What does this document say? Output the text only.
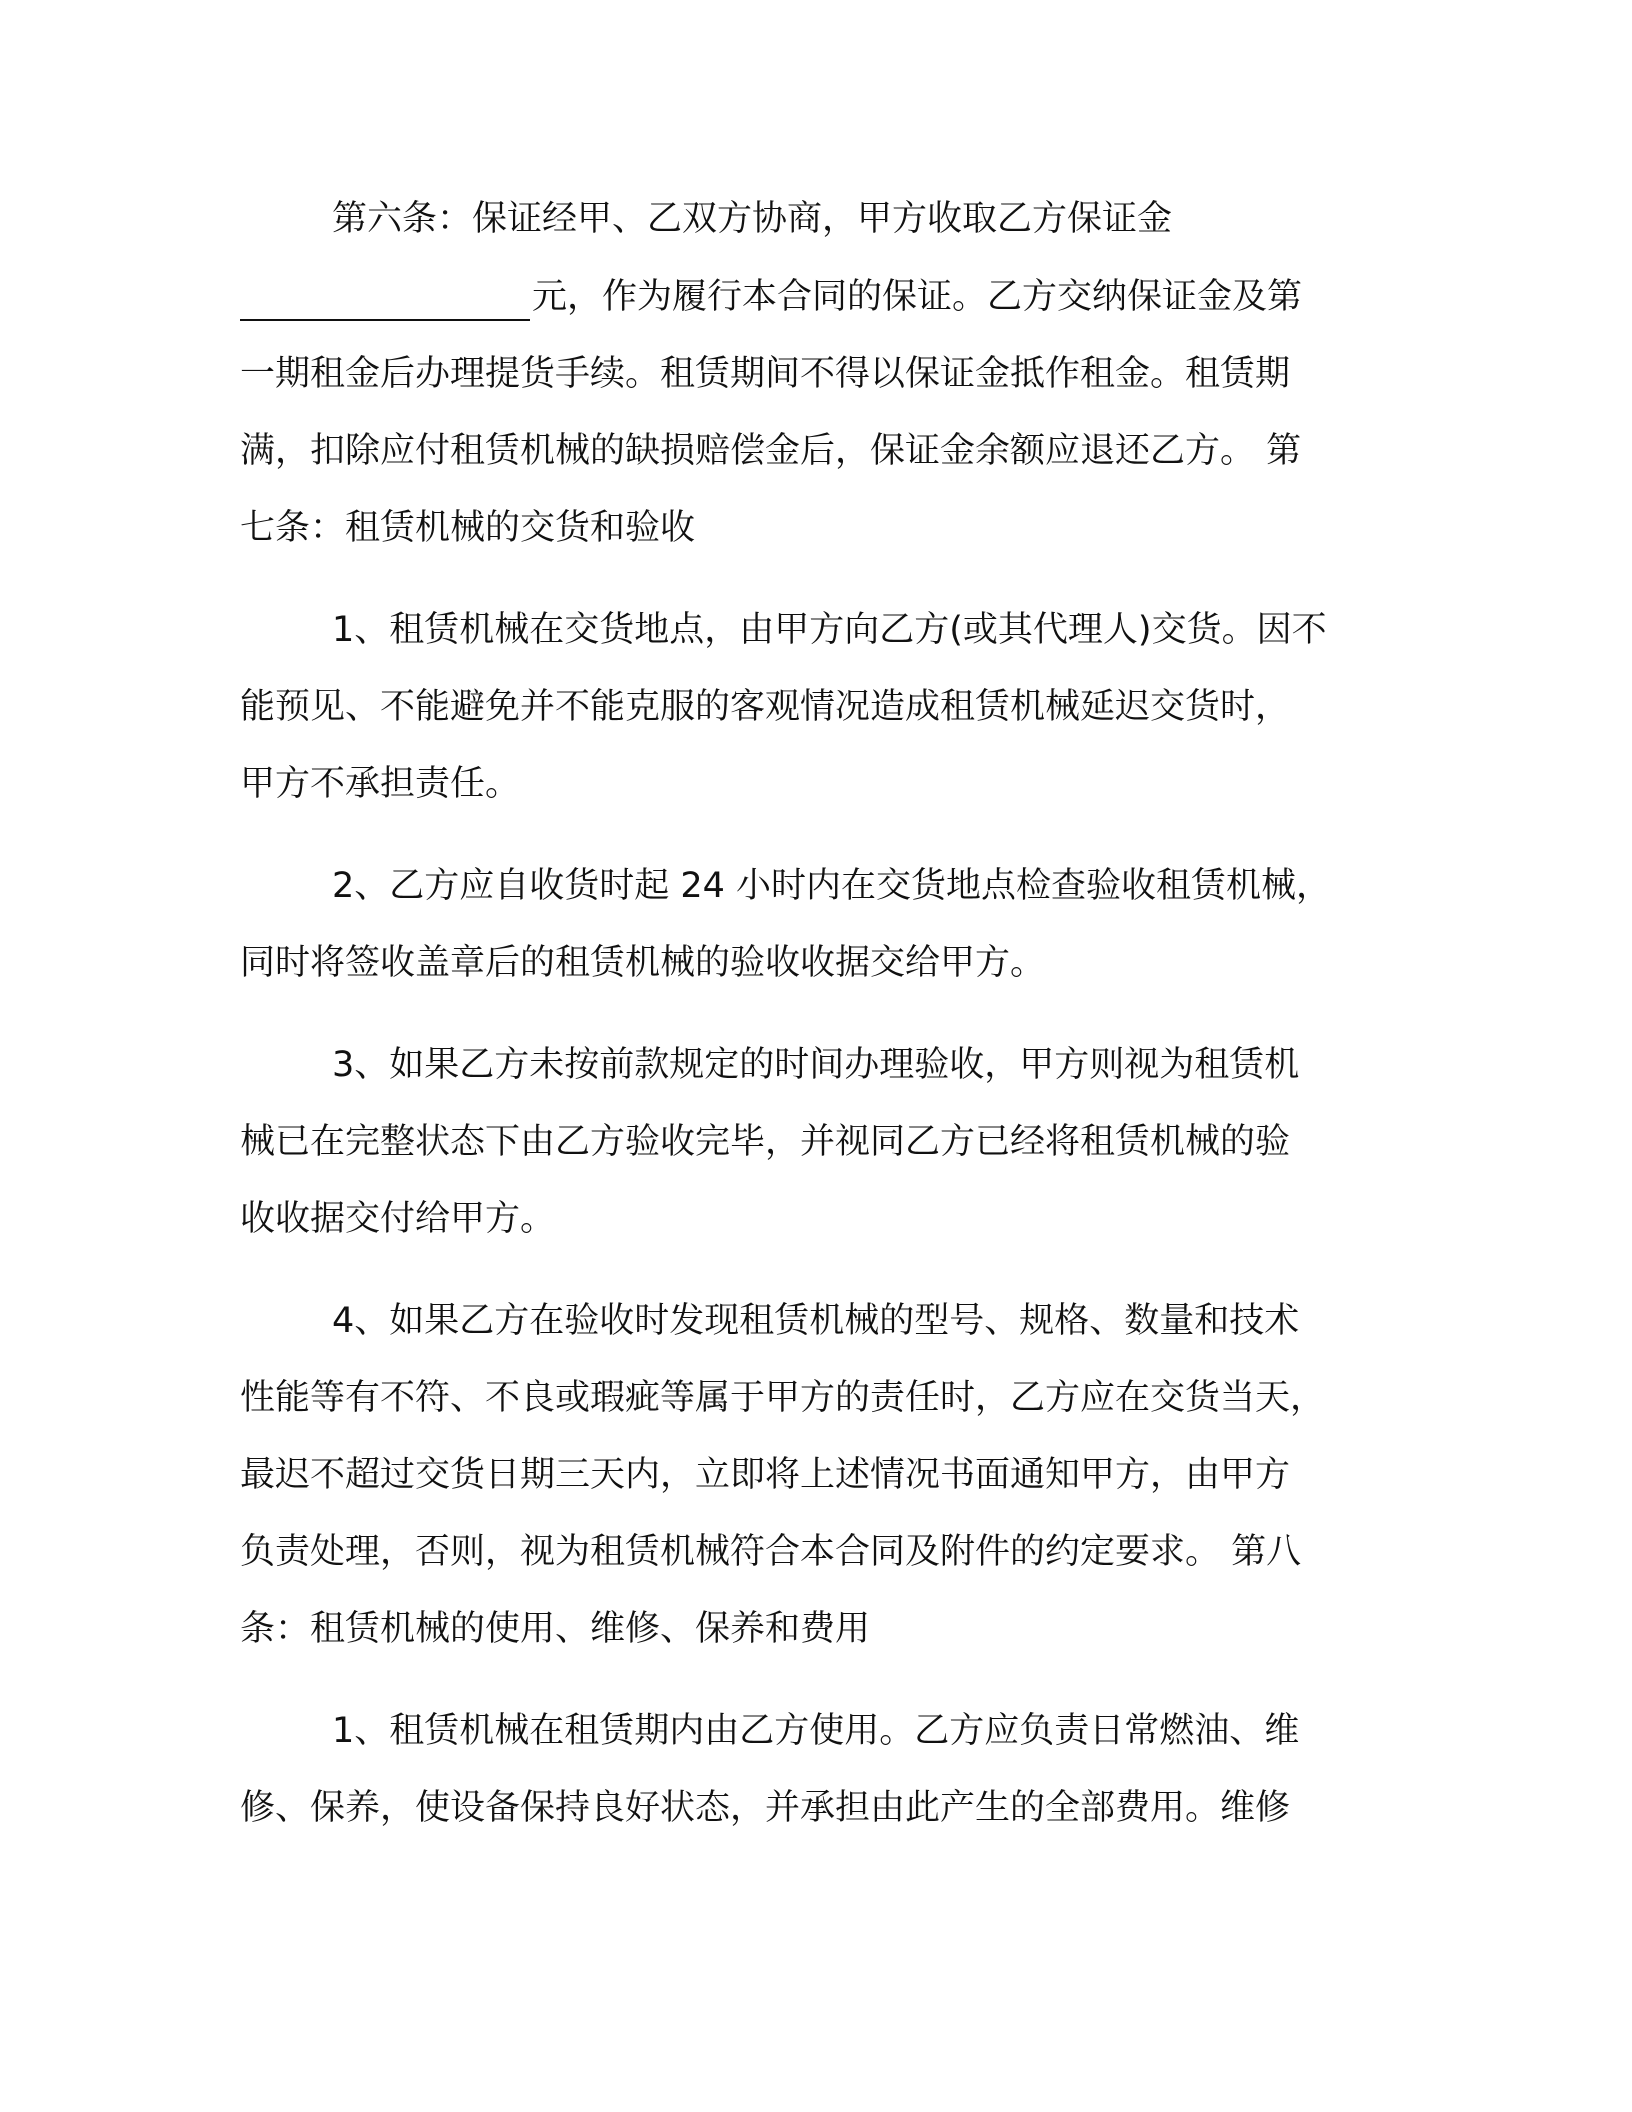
第六条：保证经甲、乙双方协商，甲方收取乙方保证金

元，作为履行本合同的保证。乙方交纳保证金及第

一期租金后办理提货手续。租赁期间不得以保证金抵作租金。租赁期

满，扣除应付租赁机械的缺损赔偿金后，保证金余额应退还乙方。 第

七条：租赁机械的交货和验收

1、租赁机械在交货地点，由甲方向乙方(或其代理人)交货。因不

能预见、不能避免并不能克服的客观情况造成租赁机械延迟交货时，

甲方不承担责任。

2、乙方应自收货时起 24 小时内在交货地点检查验收租赁机械，

同时将签收盖章后的租赁机械的验收收据交给甲方。

3、如果乙方未按前款规定的时间办理验收，甲方则视为租赁机

械已在完整状态下由乙方验收完毕，并视同乙方已经将租赁机械的验

收收据交付给甲方。

4、如果乙方在验收时发现租赁机械的型号、规格、数量和技术

性能等有不符、不良或瑕疵等属于甲方的责任时，乙方应在交货当天，

最迟不超过交货日期三天内，立即将上述情况书面通知甲方，由甲方

负责处理，否则，视为租赁机械符合本合同及附件的约定要求。 第八

条：租赁机械的使用、维修、保养和费用

1、租赁机械在租赁期内由乙方使用。乙方应负责日常燃油、维

修、保养，使设备保持良好状态，并承担由此产生的全部费用。维修
